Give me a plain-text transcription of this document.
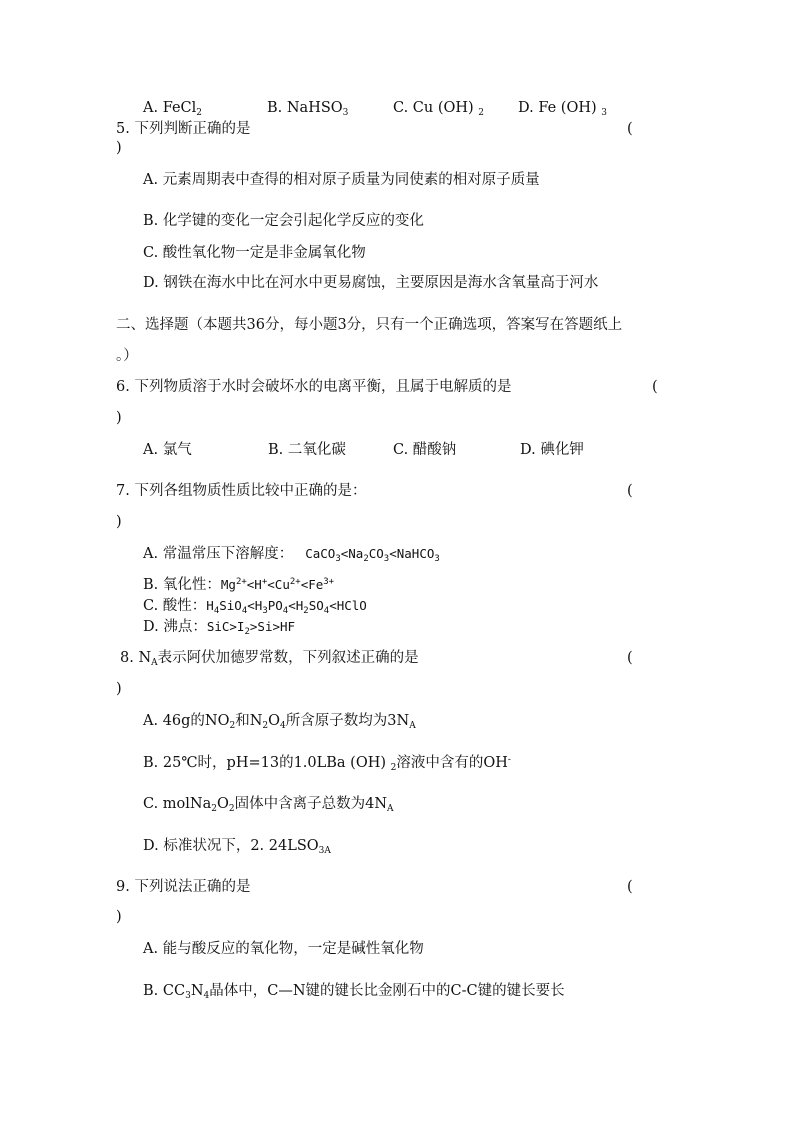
A. FeCl$_2$	B. NaHSO$_3$	C. Cu (OH) $_2$ D. Fe (OH) $_3$
5. 下列判断正确的是	(
)
A. 元素周期表中查得的相对原子质量为同使素的相对原子质量
B. 化学键的变化一定会引起化学反应的变化
C. 酸性氧化物一定是非金属氧化物
D. 钢铁在海水中比在河水中更易腐蚀，主要原因是海水含氧量高于河水
二、选择题（本题共36分，每小题3分，只有一个正确选项，答案写在答题纸上
。）
6. 下列物质溶于水时会破坏水的电离平衡，且属于电解质的是	(
)
A. 氯气	B. 二氧化碳	C. 醋酸钠	D. 碘化钾
7. 下列各组物质性质比较中正确的是：	(
)
A. 常温常压下溶解度： $CaCO_3<Na_2CO_3<NaHCO_3$
B. 氧化性：$Mg^{2+}<H^+<Cu^{2+}<Fe^{3+}$
C. 酸性：$H_4SiO_4<H_3PO_4<H_2SO_4<HClO$
D. 沸点：$SiC>I_2>Si>HF$
8. $N_A$表示阿伏加德罗常数，下列叙述正确的是	(
)
A. 46g的$NO_2$和$N_2O_4$所含原子数均为$3N_A$
B. 25℃时，pH=13的1.0LBa (OH) $_2$溶液中含有的OH-
C. $molNa_2O_2$固体中含离子总数为$4N_A$
D. 标准状况下，2. $24LSO_{3A}$
9. 下列说法正确的是	(
)
A. 能与酸反应的氧化物，一定是碱性氧化物
B. $CC_3N_4$晶体中，C—N键的键长比金刚石中的C-C键的键长要长
